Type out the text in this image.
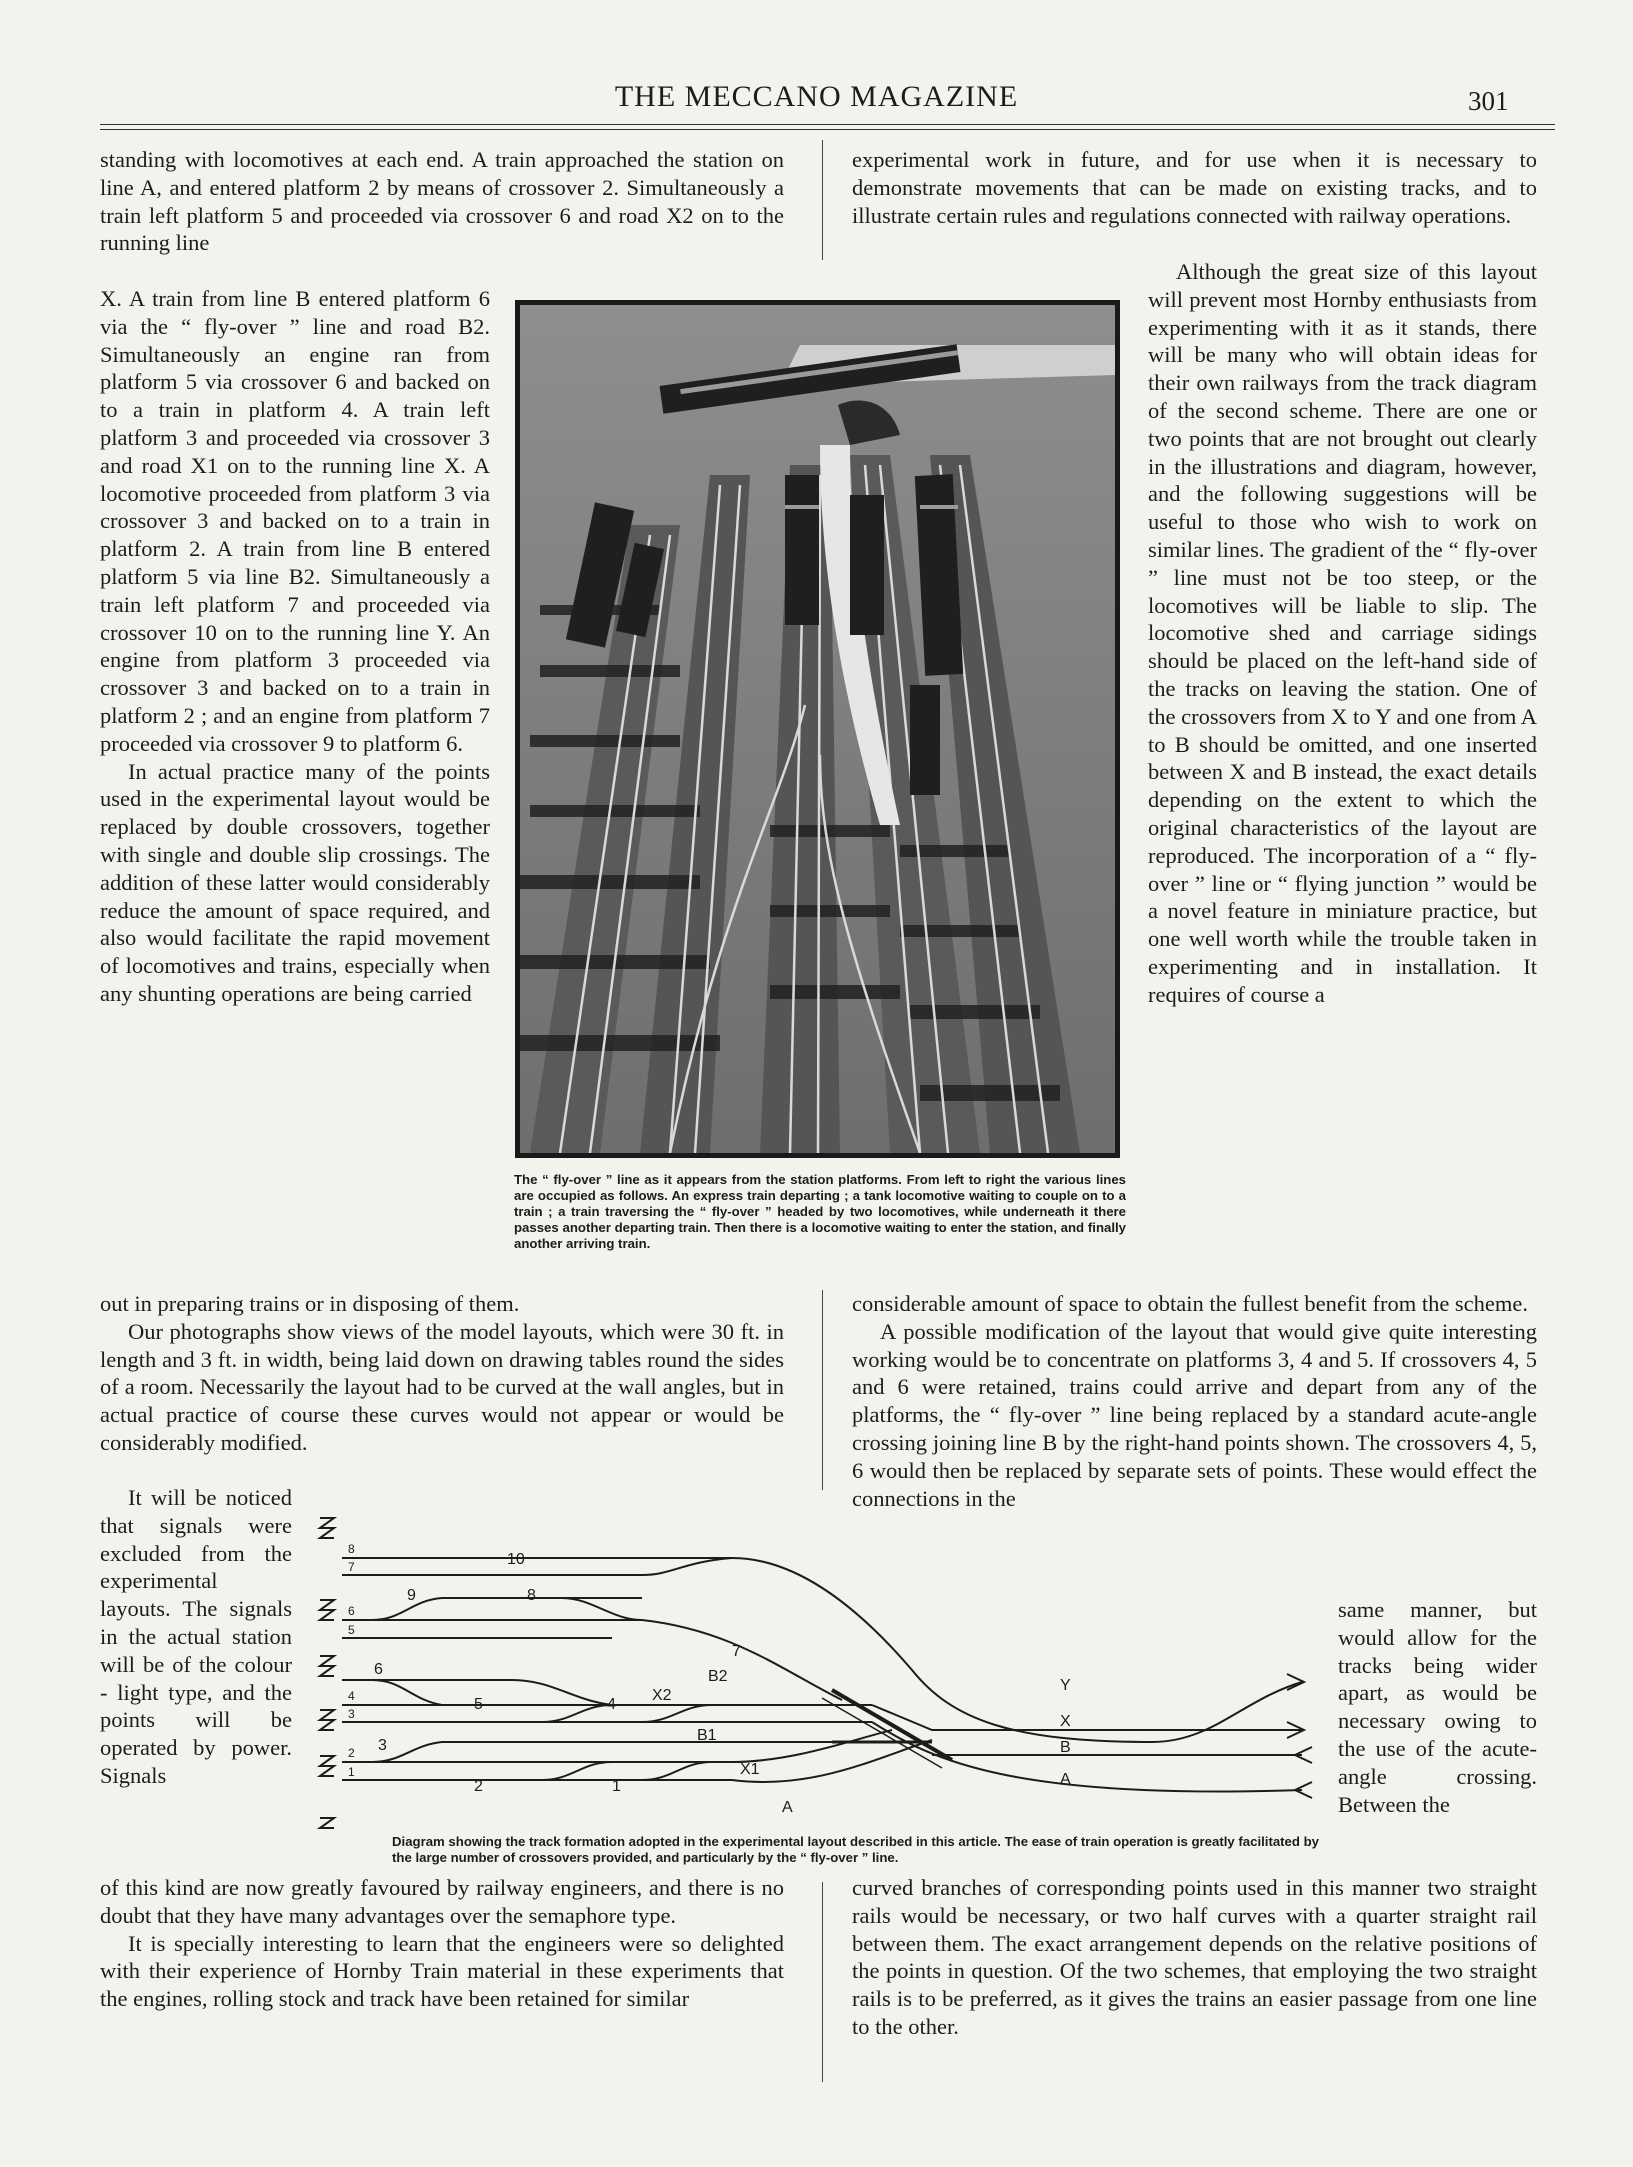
THE MECCANO MAGAZINE	301

standing with locomotives at each end. A train approached the station on line A, and entered platform 2 by means of crossover 2. Simultaneously a train left platform 5 and proceeded via crossover 6 and road X2 on to the running line

X. A train from line B entered platform 6 via the “ fly-over ” line and road B2. Simultaneously an engine ran from platform 5 via crossover 6 and backed on to a train in platform 4. A train left platform 3 and proceeded via crossover 3 and road X1 on to the running line X. A locomotive proceeded from platform 3 via crossover 3 and backed on to a train in platform 2. A train from line B entered platform 5 via line B2. Simultaneously a train left platform 7 and proceeded via crossover 10 on to the running line Y. An engine from platform 3 proceeded via crossover 3 and backed on to a train in platform 2 ; and an engine from platform 7 proceeded via crossover 9 to platform 6.

In actual practice many of the points used in the experimental layout would be replaced by double crossovers, together with single and double slip crossings. The addition of these latter would considerably reduce the amount of space required, and also would facilitate the rapid movement of locomotives and trains, especially when any shunting operations are being carried

out in preparing trains or in disposing of them.

Our photographs show views of the model layouts, which were 30 ft. in length and 3 ft. in width, being laid down on drawing tables round the sides of a room. Necessarily the layout had to be curved at the wall angles, but in actual practice of course these curves would not appear or would be considerably modified.

It will be noticed that signals were excluded from the experimental layouts. The signals in the actual station will be of the colour - light type, and the points will be operated by power. Signals

of this kind are now greatly favoured by railway engineers, and there is no doubt that they have many advantages over the semaphore type.

It is specially interesting to learn that the engineers were so delighted with their experience of Hornby Train material in these experiments that the engines, rolling stock and track have been retained for similar

experimental work in future, and for use when it is necessary to demonstrate movements that can be made on existing tracks, and to illustrate certain rules and regulations connected with railway operations.

Although the great size of this layout will prevent most Hornby enthusiasts from experimenting with it as it stands, there will be many who will obtain ideas for their own railways from the track diagram of the second scheme. There are one or two points that are not brought out clearly in the illustrations and diagram, however, and the following suggestions will be useful to those who wish to work on similar lines. The gradient of the “ fly-over ” line must not be too steep, or the locomotives will be liable to slip. The locomotive shed and carriage sidings should be placed on the left-hand side of the tracks on leaving the station. One of the crossovers from X to Y and one from A to B should be omitted, and one inserted between X and B instead, the exact details depending on the extent to which the original characteristics of the layout are reproduced. The incorporation of a “ fly-over ” line or “ flying junction ” would be a novel feature in miniature practice, but one well worth while the trouble taken in experimenting and in installation. It requires of course a

considerable amount of space to obtain the fullest benefit from the scheme.

A possible modification of the layout that would give quite interesting working would be to concentrate on platforms 3, 4 and 5. If crossovers 4, 5 and 6 were retained, trains could arrive and depart from any of the platforms, the “ fly-over ” line being replaced by a standard acute-angle crossing joining line B by the right-hand points shown. The crossovers 4, 5, 6 would then be replaced by separate sets of points. These would effect the connections in the

same manner, but would allow for the tracks being wider apart, as would be necessary owing to the use of the acute-angle crossing. Between the

curved branches of corresponding points used in this manner two straight rails would be necessary, or two half curves with a quarter straight rail between them. The exact arrangement depends on the relative positions of the points in question. Of the two schemes, that employing the two straight rails is to be preferred, as it gives the trains an easier passage from one line to the other.

The “ fly-over ” line as it appears from the station platforms. From left to right the various lines are occupied as follows. An express train departing ; a tank locomotive waiting to couple on to a train ; a train traversing the “ fly-over ” headed by two locomotives, while underneath it there passes another departing train. Then there is a locomotive waiting to enter the station, and finally another arriving train.
8
7
6
5
4
3
2
1
10
9	8
7
6
5	4
3
2	1
B2
X2
B1
X1
A
Y
X
B
A
Diagram showing the track formation adopted in the experimental layout described in this article. The ease of train operation is greatly facilitated by the large number of crossovers provided, and particularly by the “ fly-over ” line.
